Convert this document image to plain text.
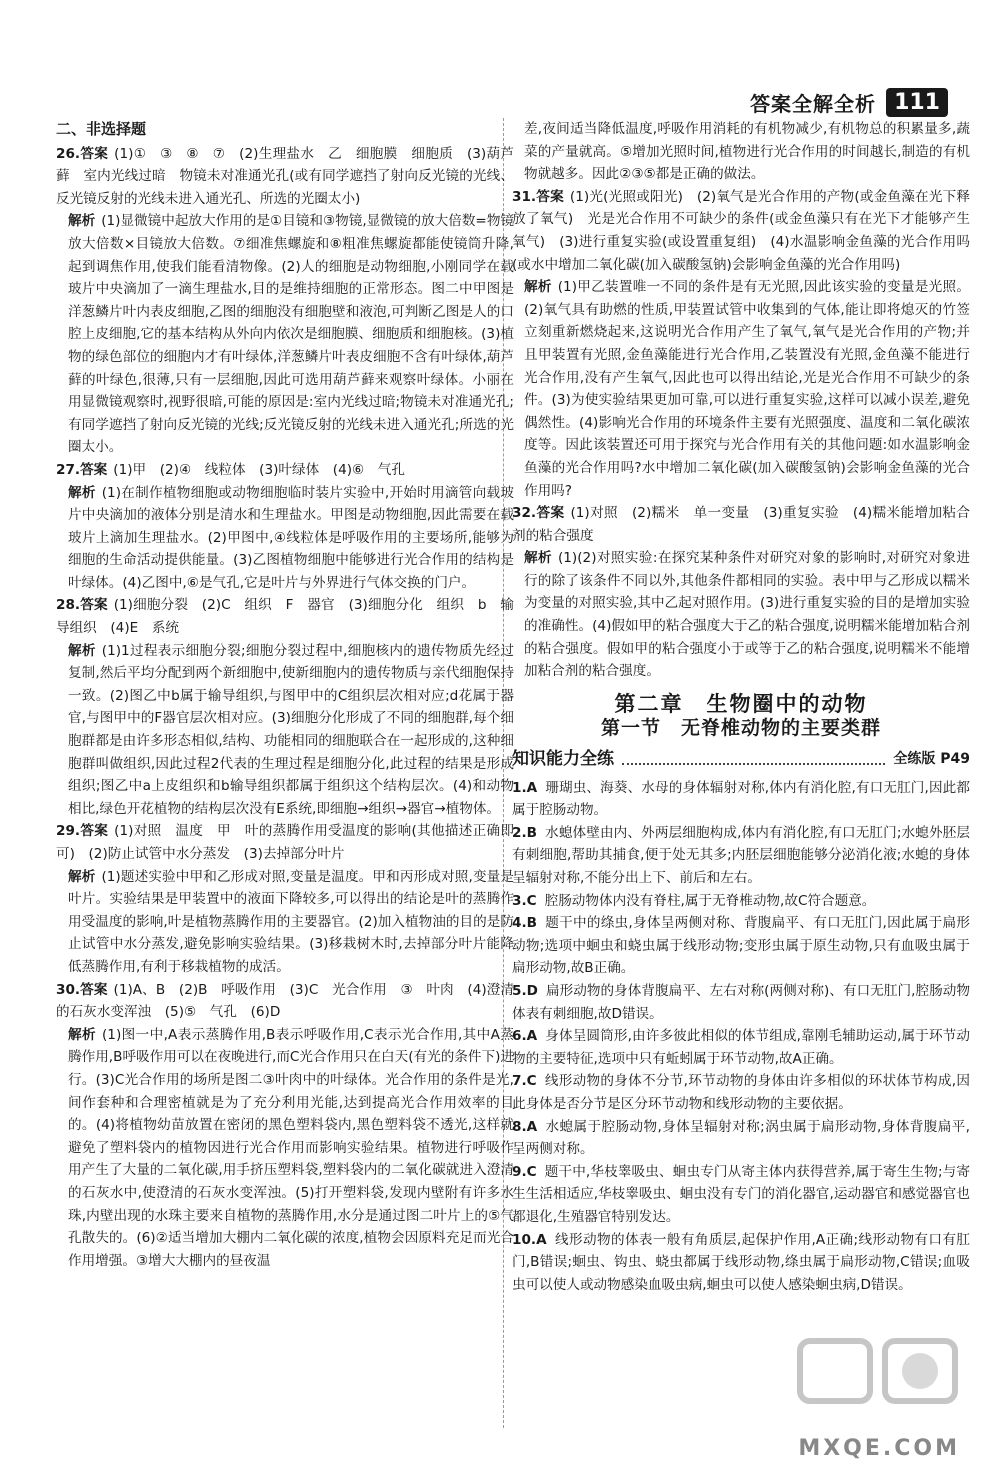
答案全解全析 111
二、非选择题

26.答案 (1)①　③　⑧　⑦　(2)生理盐水　乙　细胞膜　细胞质　(3)葫芦藓　室内光线过暗　物镜未对准通光孔(或有同学遮挡了射向反光镜的光线、反光镜反射的光线未进入通光孔、所选的光圈太小)

解析 (1)显微镜中起放大作用的是①目镜和③物镜,显微镜的放大倍数=物镜放大倍数×目镜放大倍数。⑦细准焦螺旋和⑧粗准焦螺旋都能使镜筒升降,起到调焦作用,使我们能看清物像。(2)人的细胞是动物细胞,小刚同学在载玻片中央滴加了一滴生理盐水,目的是维持细胞的正常形态。图二中甲图是洋葱鳞片叶内表皮细胞,乙图的细胞没有细胞壁和液泡,可判断乙图是人的口腔上皮细胞,它的基本结构从外向内依次是细胞膜、细胞质和细胞核。(3)植物的绿色部位的细胞内才有叶绿体,洋葱鳞片叶表皮细胞不含有叶绿体,葫芦藓的叶绿色,很薄,只有一层细胞,因此可选用葫芦藓来观察叶绿体。小丽在用显微镜观察时,视野很暗,可能的原因是:室内光线过暗;物镜未对准通光孔;有同学遮挡了射向反光镜的光线;反光镜反射的光线未进入通光孔;所选的光圈太小。

27.答案 (1)甲　(2)④　线粒体　(3)叶绿体　(4)⑥　气孔

解析 (1)在制作植物细胞或动物细胞临时装片实验中,开始时用滴管向载玻片中央滴加的液体分别是清水和生理盐水。甲图是动物细胞,因此需要在载玻片上滴加生理盐水。(2)甲图中,④线粒体是呼吸作用的主要场所,能够为细胞的生命活动提供能量。(3)乙图植物细胞中能够进行光合作用的结构是叶绿体。(4)乙图中,⑥是气孔,它是叶片与外界进行气体交换的门户。

28.答案 (1)细胞分裂　(2)C　组织　F　器官　(3)细胞分化　组织　b　输导组织　(4)E　系统

解析 (1)1过程表示细胞分裂;细胞分裂过程中,细胞核内的遗传物质先经过复制,然后平均分配到两个新细胞中,使新细胞内的遗传物质与亲代细胞保持一致。(2)图乙中b属于输导组织,与图甲中的C组织层次相对应;d花属于器官,与图甲中的F器官层次相对应。(3)细胞分化形成了不同的细胞群,每个细胞群都是由许多形态相似,结构、功能相同的细胞联合在一起形成的,这种细胞群叫做组织,因此过程2代表的生理过程是细胞分化,此过程的结果是形成组织;图乙中a上皮组织和b输导组织都属于组织这个结构层次。(4)和动物相比,绿色开花植物的结构层次没有E系统,即细胞→组织→器官→植物体。

29.答案 (1)对照　温度　甲　叶的蒸腾作用受温度的影响(其他描述正确即可)　(2)防止试管中水分蒸发　(3)去掉部分叶片

解析 (1)题述实验中甲和乙形成对照,变量是温度。甲和丙形成对照,变量是叶片。实验结果是甲装置中的液面下降较多,可以得出的结论是叶的蒸腾作用受温度的影响,叶是植物蒸腾作用的主要器官。(2)加入植物油的目的是防止试管中水分蒸发,避免影响实验结果。(3)移栽树木时,去掉部分叶片能降低蒸腾作用,有利于移栽植物的成活。

30.答案 (1)A、B　(2)B　呼吸作用　(3)C　光合作用　③　叶肉　(4)澄清的石灰水变浑浊　(5)⑤　气孔　(6)D

解析 (1)图一中,A表示蒸腾作用,B表示呼吸作用,C表示光合作用,其中A蒸腾作用,B呼吸作用可以在夜晚进行,而C光合作用只在白天(有光的条件下)进行。(3)C光合作用的场所是图二③叶肉中的叶绿体。光合作用的条件是光,间作套种和合理密植就是为了充分利用光能,达到提高光合作用效率的目的。(4)将植物幼苗放置在密闭的黑色塑料袋内,黑色塑料袋不透光,这样就避免了塑料袋内的植物因进行光合作用而影响实验结果。植物进行呼吸作用产生了大量的二氧化碳,用手挤压塑料袋,塑料袋内的二氧化碳就进入澄清的石灰水中,使澄清的石灰水变浑浊。(5)打开塑料袋,发现内壁附有许多水珠,内壁出现的水珠主要来自植物的蒸腾作用,水分是通过图二叶片上的⑤气孔散失的。(6)②适当增加大棚内二氧化碳的浓度,植物会因原料充足而光合作用增强。③增大大棚内的昼夜温

差,夜间适当降低温度,呼吸作用消耗的有机物减少,有机物总的积累量多,蔬菜的产量就高。⑤增加光照时间,植物进行光合作用的时间越长,制造的有机物就越多。因此②③⑤都是正确的做法。

31.答案 (1)光(光照或阳光)　(2)氧气是光合作用的产物(或金鱼藻在光下释放了氧气)　光是光合作用不可缺少的条件(或金鱼藻只有在光下才能够产生氧气)　(3)进行重复实验(或设置重复组)　(4)水温影响金鱼藻的光合作用吗(或水中增加二氧化碳(加入碳酸氢钠)会影响金鱼藻的光合作用吗)

解析 (1)甲乙装置唯一不同的条件是有无光照,因此该实验的变量是光照。(2)氧气具有助燃的性质,甲装置试管中收集到的气体,能让即将熄灭的竹签立刻重新燃烧起来,这说明光合作用产生了氧气,氧气是光合作用的产物;并且甲装置有光照,金鱼藻能进行光合作用,乙装置没有光照,金鱼藻不能进行光合作用,没有产生氧气,因此也可以得出结论,光是光合作用不可缺少的条件。(3)为使实验结果更加可靠,可以进行重复实验,这样可以减小误差,避免偶然性。(4)影响光合作用的环境条件主要有光照强度、温度和二氧化碳浓度等。因此该装置还可用于探究与光合作用有关的其他问题:如水温影响金鱼藻的光合作用吗?水中增加二氧化碳(加入碳酸氢钠)会影响金鱼藻的光合作用吗?

32.答案 (1)对照　(2)糯米　单一变量　(3)重复实验　(4)糯米能增加粘合剂的粘合强度

解析 (1)(2)对照实验:在探究某种条件对研究对象的影响时,对研究对象进行的除了该条件不同以外,其他条件都相同的实验。表中甲与乙形成以糯米为变量的对照实验,其中乙起对照作用。(3)进行重复实验的目的是增加实验的准确性。(4)假如甲的粘合强度大于乙的粘合强度,说明糯米能增加粘合剂的粘合强度。假如甲的粘合强度小于或等于乙的粘合强度,说明糯米不能增加粘合剂的粘合强度。

第二章　生物圈中的动物
第一节　无脊椎动物的主要类群
知识能力全练	全练版 P49

1.A 珊瑚虫、海葵、水母的身体辐射对称,体内有消化腔,有口无肛门,因此都属于腔肠动物。

2.B 水螅体壁由内、外两层细胞构成,体内有消化腔,有口无肛门;水螅外胚层有刺细胞,帮助其捕食,便于处无其多;内胚层细胞能够分泌消化液;水螅的身体呈辐射对称,不能分出上下、前后和左右。

3.C 腔肠动物体内没有脊柱,属于无脊椎动物,故C符合题意。

4.B 题干中的绦虫,身体呈两侧对称、背腹扁平、有口无肛门,因此属于扁形动物;选项中蛔虫和蛲虫属于线形动物;变形虫属于原生动物,只有血吸虫属于扁形动物,故B正确。

5.D 扁形动物的身体背腹扁平、左右对称(两侧对称)、有口无肛门,腔肠动物体表有刺细胞,故D错误。

6.A 身体呈圆筒形,由许多彼此相似的体节组成,靠刚毛辅助运动,属于环节动物的主要特征,选项中只有蚯蚓属于环节动物,故A正确。

7.C 线形动物的身体不分节,环节动物的身体由许多相似的环状体节构成,因此身体是否分节是区分环节动物和线形动物的主要依据。

8.A 水螅属于腔肠动物,身体呈辐射对称;涡虫属于扁形动物,身体背腹扁平,呈两侧对称。

9.C 题干中,华枝睾吸虫、蛔虫专门从寄主体内获得营养,属于寄生生物;与寄生生活相适应,华枝睾吸虫、蛔虫没有专门的消化器官,运动器官和感觉器官也都退化,生殖器官特别发达。

10.A 线形动物的体表一般有角质层,起保护作用,A正确;线形动物有口有肛门,B错误;蛔虫、钩虫、蛲虫都属于线形动物,绦虫属于扁形动物,C错误;血吸虫可以使人或动物感染血吸虫病,蛔虫可以使人感染蛔虫病,D错误。

MXQE.COM
